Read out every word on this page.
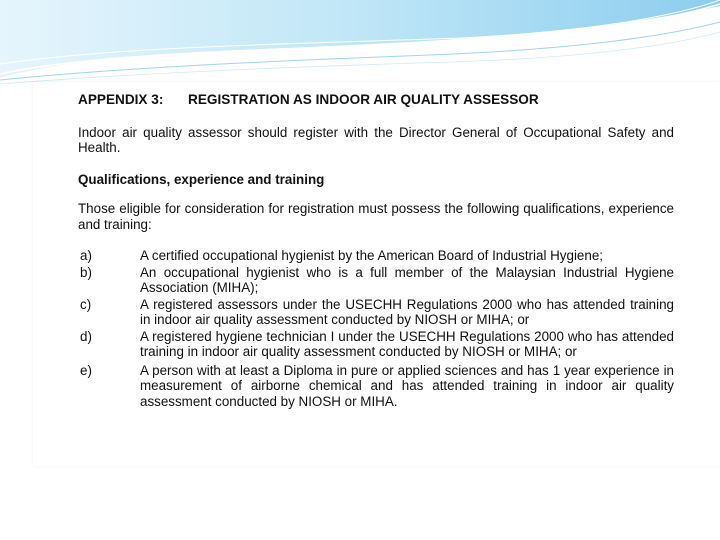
APPENDIX 3: REGISTRATION AS INDOOR AIR QUALITY ASSESSOR

Indoor air quality assessor should register with the Director General of Occupational Safety and Health.

Qualifications, experience and training

Those eligible for consideration for registration must possess the following qualifications, experience and training:

a)	A certified occupational hygienist by the American Board of Industrial Hygiene;
b)	An occupational hygienist who is a full member of the Malaysian Industrial Hygiene Association (MIHA);
c)	A registered assessors under the USECHH Regulations 2000 who has attended training in indoor air quality assessment conducted by NIOSH or MIHA; or
d)	A registered hygiene technician I under the USECHH Regulations 2000 who has attended training in indoor air quality assessment conducted by NIOSH or MIHA; or
e)	A person with at least a Diploma in pure or applied sciences and has 1 year experience in measurement of airborne chemical and has attended training in indoor air quality assessment conducted by NIOSH or MIHA.
